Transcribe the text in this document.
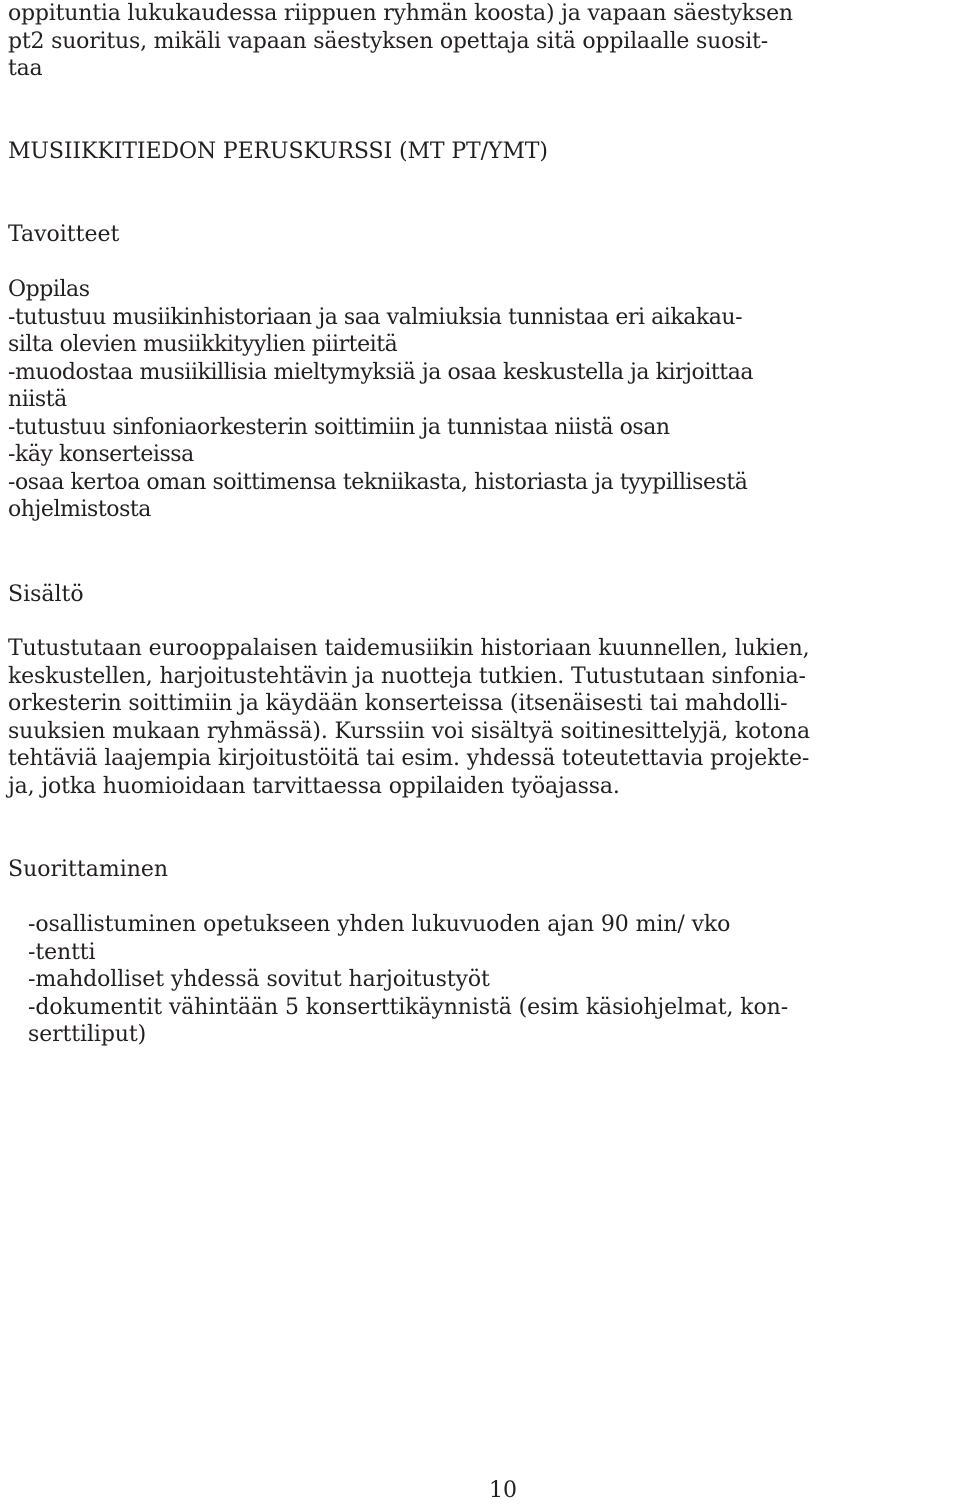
oppituntia lukukaudessa riippuen ryhmän koosta) ja vapaan säestyksen
pt2 suoritus, mikäli vapaan säestyksen opettaja sitä oppilaalle suosit-
taa
MUSIIKKITIEDON PERUSKURSSI (MT PT/YMT)
Tavoitteet
Oppilas
-tutustuu musiikinhistoriaan ja saa valmiuksia tunnistaa eri aikakau-
silta olevien musiikkityylien piirteitä
-muodostaa musiikillisia mieltymyksiä ja osaa keskustella ja kirjoittaa
niistä
-tutustuu sinfoniaorkesterin soittimiin ja tunnistaa niistä osan
-käy konserteissa
-osaa kertoa oman soittimensa tekniikasta, historiasta ja tyypillisestä
ohjelmistosta
Sisältö
Tutustutaan eurooppalaisen taidemusiikin historiaan kuunnellen, lukien,
keskustellen, harjoitustehtävin ja nuotteja tutkien. Tutustutaan sinfonia-
orkesterin soittimiin ja käydään konserteissa (itsenäisesti tai mahdolli-
suuksien mukaan ryhmässä). Kurssiin voi sisältyä soitinesittelyjä, kotona
tehtäviä laajempia kirjoitustöitä tai esim. yhdessä toteutettavia projekte-
ja, jotka huomioidaan tarvittaessa oppilaiden työajassa.
Suorittaminen
-osallistuminen opetukseen yhden lukuvuoden ajan 90 min/ vko
-tentti
-mahdolliset yhdessä sovitut harjoitustyöt
-dokumentit vähintään 5 konserttikäynnistä (esim käsiohjelmat, kon-
serttiliput)
10
